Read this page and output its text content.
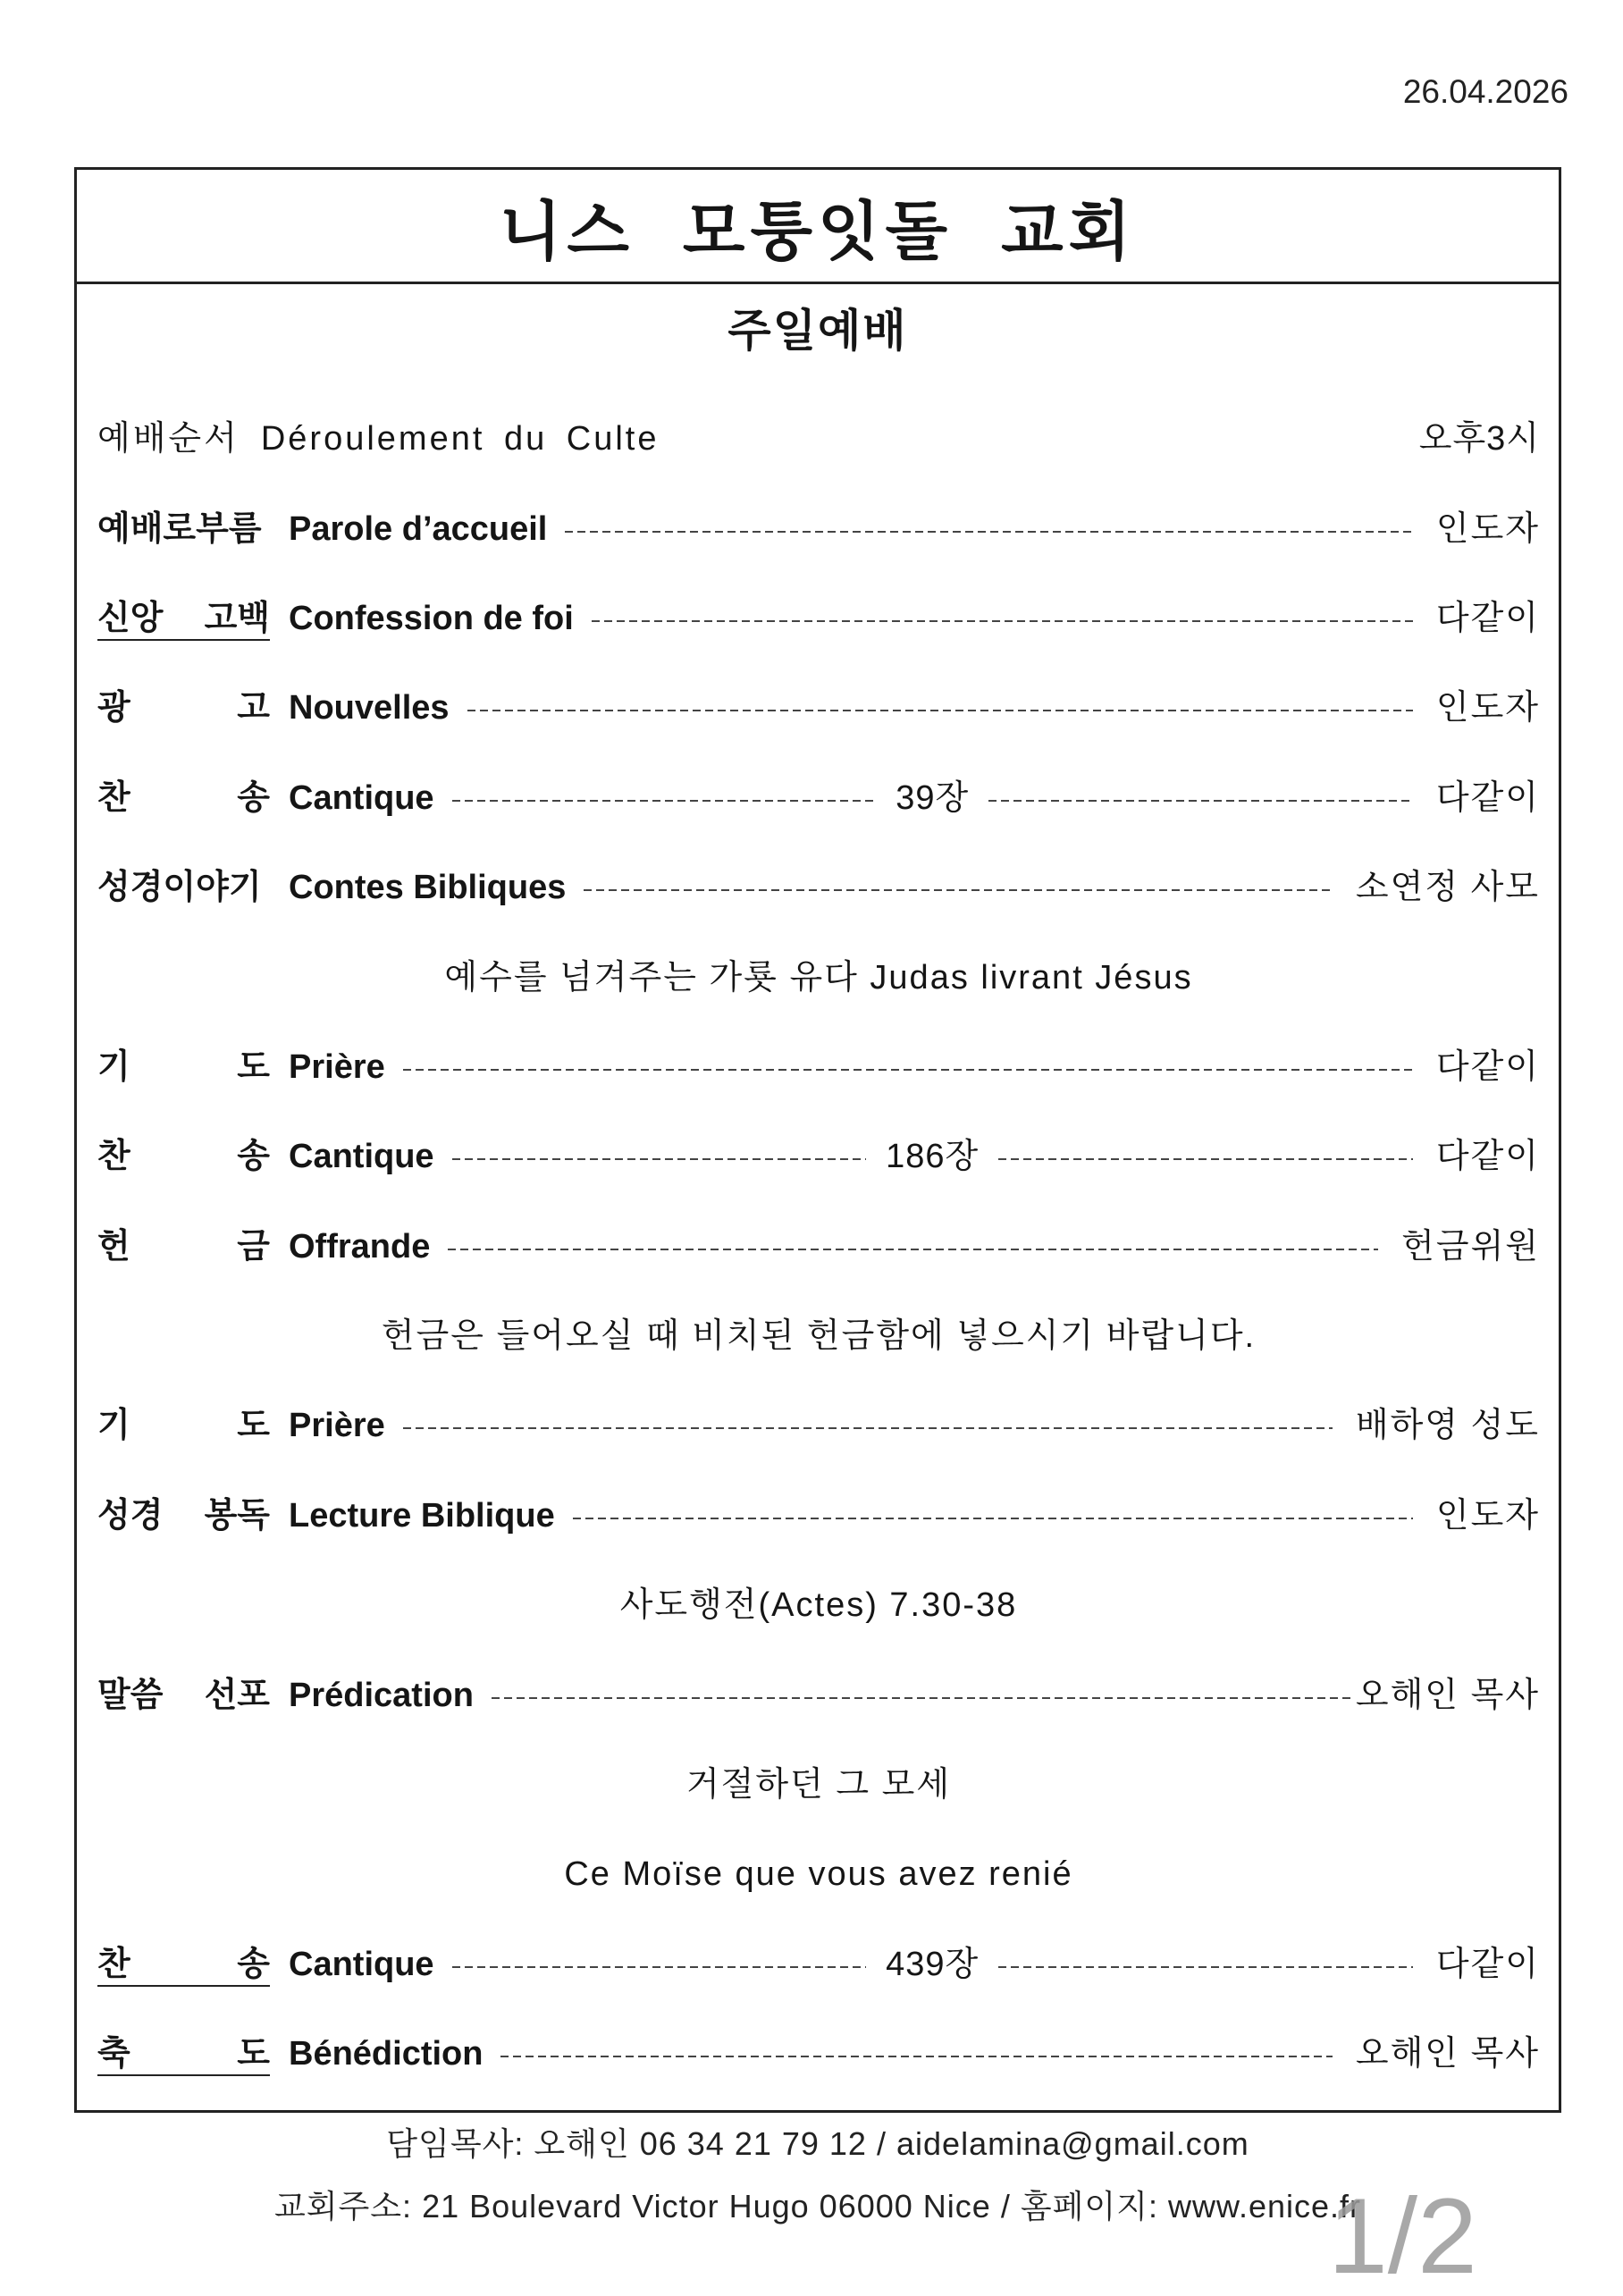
26.04.2026
니스 모퉁잇돌 교회
주일예배
예배순서 Déroulement du Culte	오후3시
예배로부름 Parole d’accueil	인도자
신앙 고백 Confession de foi	다같이
광	고 Nouvelles	인도자
찬	송 Cantique	39장	다같이
성경이야기 Contes Bibliques	소연정 사모
예수를 넘겨주는 가룟 유다 Judas livrant Jésus
기	도 Prière	다같이
찬	송 Cantique	186장	다같이
헌	금 Offrande	헌금위원
헌금은 들어오실 때 비치된 헌금함에 넣으시기 바랍니다.
기	도 Prière	배하영 성도
성경 봉독 Lecture Biblique	인도자
사도행전(Actes) 7.30-38
말씀 선포 Prédication	오해인 목사
거절하던 그 모세
Ce Moïse que vous avez renié
찬	송 Cantique	439장	다같이
축	도 Bénédiction	오해인 목사
담임목사: 오해인 06 34 21 79 12 / aidelamina@gmail.com
교회주소: 21 Boulevard Victor Hugo 06000 Nice / 홈페이지: www.enice.fr
1/2
